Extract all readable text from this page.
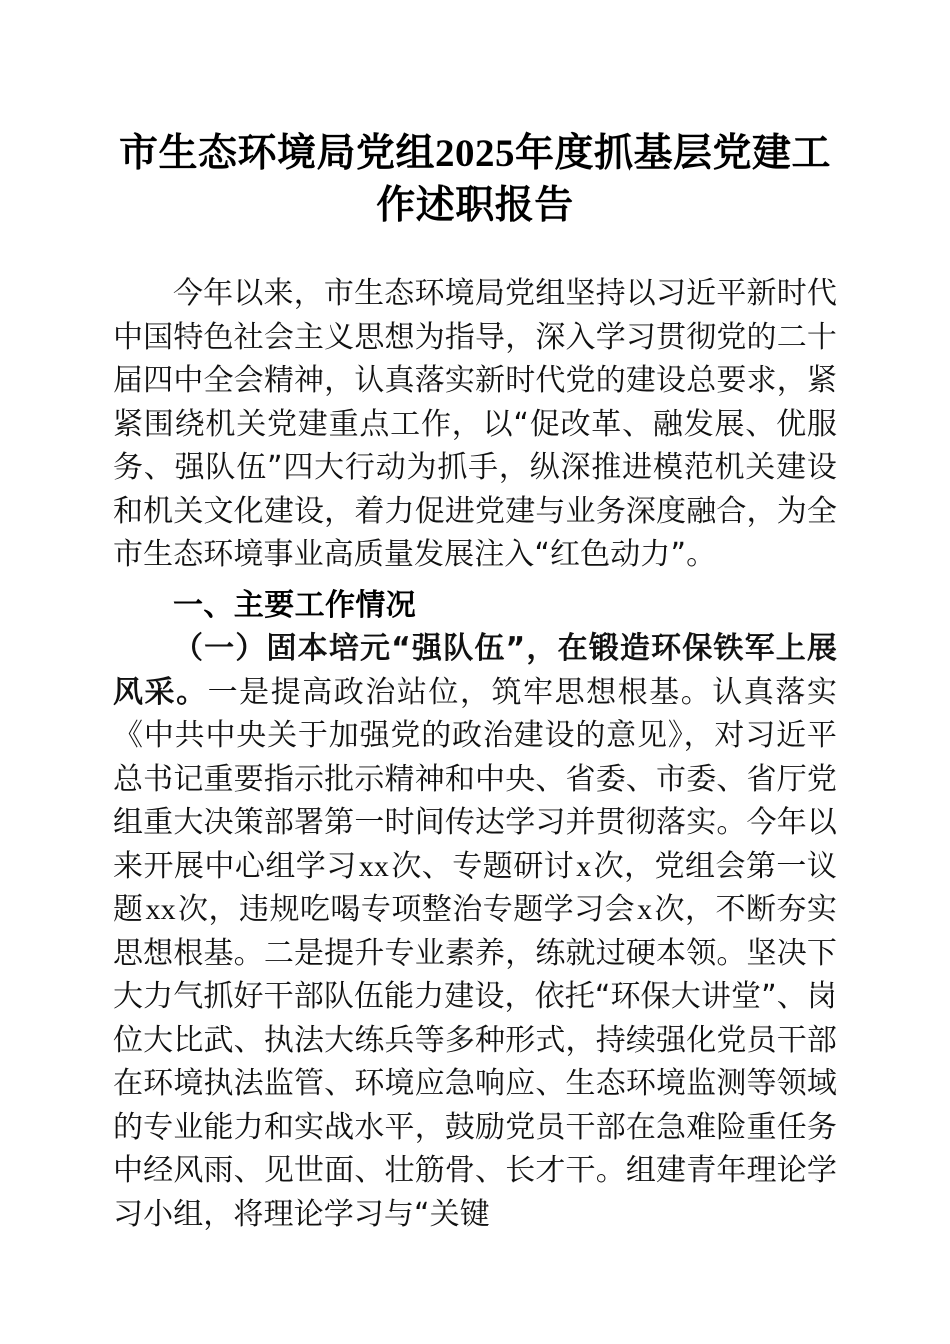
市生态环境局党组2025年度抓基层党建工作述职报告

今年以来，市生态环境局党组坚持以习近平新时代中国特色社会主义思想为指导，深入学习贯彻党的二十届四中全会精神，认真落实新时代党的建设总要求，紧紧围绕机关党建重点工作，以“促改革、融发展、优服务、强队伍”四大行动为抓手，纵深推进模范机关建设和机关文化建设，着力促进党建与业务深度融合，为全市生态环境事业高质量发展注入“红色动力”。

一、主要工作情况

（一）固本培元“强队伍”，在锻造环保铁军上展风采。一是提高政治站位，筑牢思想根基。认真落实《中共中央关于加强党的政治建设的意见》，对习近平总书记重要指示批示精神和中央、省委、市委、省厅党组重大决策部署第一时间传达学习并贯彻落实。今年以来开展中心组学习xx次、专题研讨x次，党组会第一议题xx次，违规吃喝专项整治专题学习会x次，不断夯实思想根基。二是提升专业素养，练就过硬本领。坚决下大力气抓好干部队伍能力建设，依托“环保大讲堂”、岗位大比武、执法大练兵等多种形式，持续强化党员干部在环境执法监管、环境应急响应、生态环境监测等领域的专业能力和实战水平，鼓励党员干部在急难险重任务中经风雨、见世面、壮筋骨、长才干。组建青年理论学习小组，将理论学习与“关键
